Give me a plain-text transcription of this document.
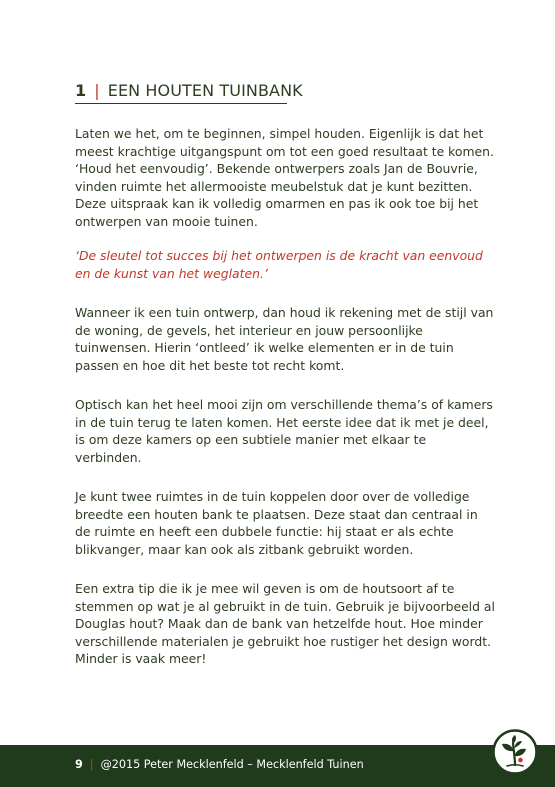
1 | EEN HOUTEN TUINBANK

Laten we het, om te beginnen, simpel houden. Eigenlijk is dat het meest krachtige uitgangspunt om tot een goed resultaat te komen. ‘Houd het eenvoudig’. Bekende ontwerpers zoals Jan de Bouvrie, vinden ruimte het allermooiste meubelstuk dat je kunt bezitten. Deze uitspraak kan ik volledig omarmen en pas ik ook toe bij het ontwerpen van mooie tuinen.

‘De sleutel tot succes bij het ontwerpen is de kracht van eenvoud en de kunst van het weglaten.’

Wanneer ik een tuin ontwerp, dan houd ik rekening met de stijl van de woning, de gevels, het interieur en jouw persoonlijke tuinwensen. Hierin ‘ontleed’ ik welke elementen er in de tuin passen en hoe dit het beste tot recht komt.

Optisch kan het heel mooi zijn om verschillende thema’s of kamers in de tuin terug te laten komen. Het eerste idee dat ik met je deel, is om deze kamers op een subtiele manier met elkaar te verbinden.

Je kunt twee ruimtes in de tuin koppelen door over de volledige breedte een houten bank te plaatsen. Deze staat dan centraal in de ruimte en heeft een dubbele functie: hij staat er als echte blikvanger, maar kan ook als zitbank gebruikt worden.

Een extra tip die ik je mee wil geven is om de houtsoort af te stemmen op wat je al gebruikt in de tuin. Gebruik je bijvoorbeeld al Douglas hout? Maak dan de bank van hetzelfde hout. Hoe minder verschillende materialen je gebruikt hoe rustiger het design wordt. Minder is vaak meer!

9 | @2015 Peter Mecklenfeld – Mecklenfeld Tuinen
